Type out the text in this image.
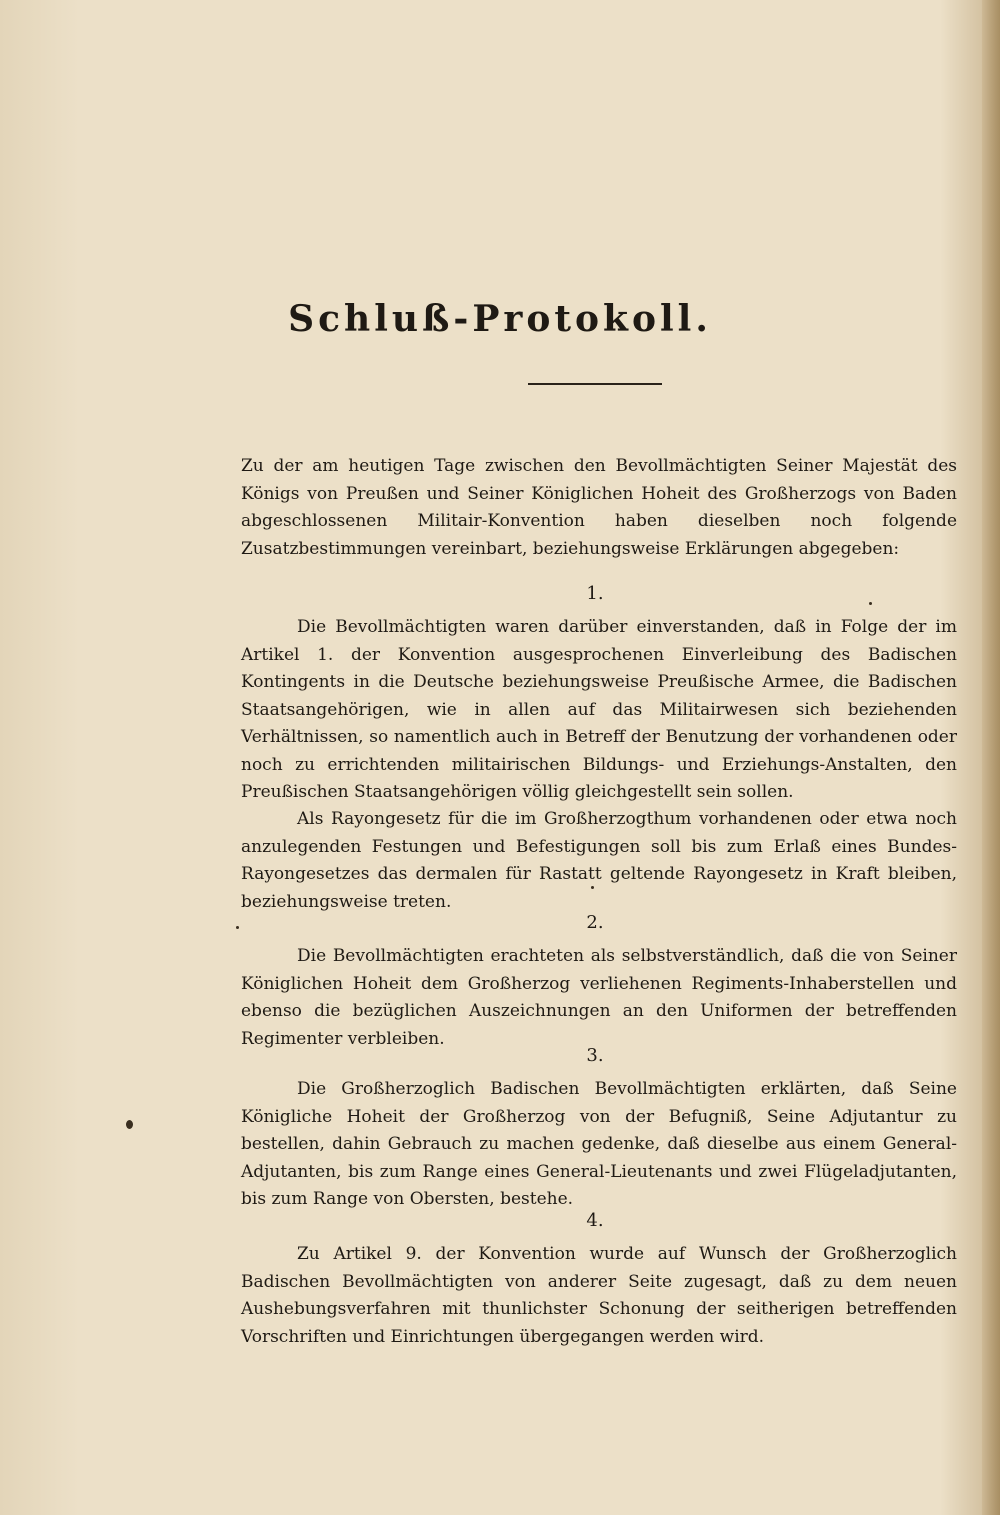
Schluß-Protokoll.
Zu der am heutigen Tage zwischen den Bevollmächtigten Seiner Majestät des Königs von Preußen und Seiner Königlichen Hoheit des Großherzogs von Baden abgeschlossenen Militair-Konvention haben dieselben noch folgende Zusatzbestimmungen vereinbart, beziehungsweise Erklärungen abgegeben:
1.
Die Bevollmächtigten waren darüber einverstanden, daß in Folge der im Artikel 1. der Konvention ausgesprochenen Einverleibung des Badischen Kontingents in die Deutsche beziehungsweise Preußische Armee, die Badischen Staatsangehörigen, wie in allen auf das Militairwesen sich beziehenden Verhältnissen, so namentlich auch in Betreff der Benutzung der vorhandenen oder noch zu errichtenden militairischen Bildungs- und Erziehungs-Anstalten, den Preußischen Staatsangehörigen völlig gleichgestellt sein sollen.
Als Rayongesetz für die im Großherzogthum vorhandenen oder etwa noch anzulegenden Festungen und Befestigungen soll bis zum Erlaß eines Bundes-Rayongesetzes das dermalen für Rastatt geltende Rayongesetz in Kraft bleiben, beziehungsweise treten.
2.
Die Bevollmächtigten erachteten als selbstverständlich, daß die von Seiner Königlichen Hoheit dem Großherzog verliehenen Regiments-Inhaberstellen und ebenso die bezüglichen Auszeichnungen an den Uniformen der betreffenden Regimenter verbleiben.
3.
Die Großherzoglich Badischen Bevollmächtigten erklärten, daß Seine Königliche Hoheit der Großherzog von der Befugniß, Seine Adjutantur zu bestellen, dahin Gebrauch zu machen gedenke, daß dieselbe aus einem General-Adjutanten, bis zum Range eines General-Lieutenants und zwei Flügeladjutanten, bis zum Range von Obersten, bestehe.
4.
Zu Artikel 9. der Konvention wurde auf Wunsch der Großherzoglich Badischen Bevollmächtigten von anderer Seite zugesagt, daß zu dem neuen Aushebungsverfahren mit thunlichster Schonung der seitherigen betreffenden Vorschriften und Einrichtungen übergegangen werden wird.
